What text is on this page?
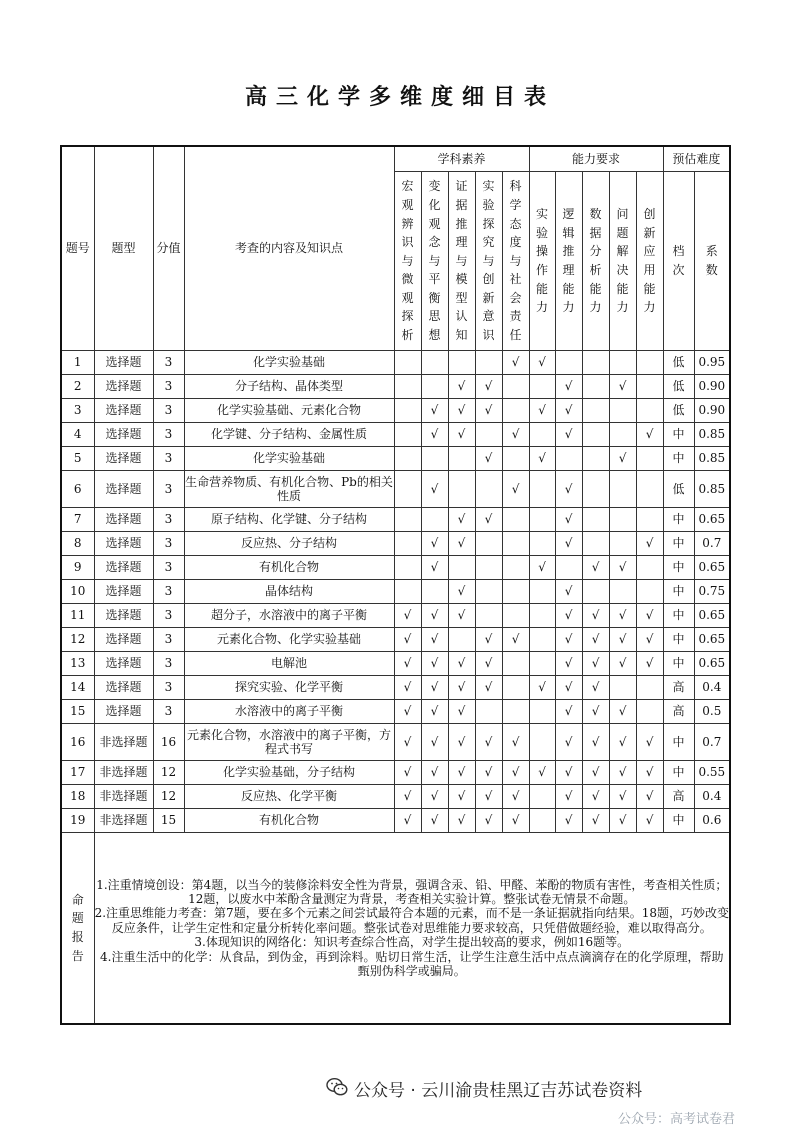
高三化学多维度细目表
题号	题型	分值	考查的内容及知识点	学科素养					能力要求					预估难度	
				宏观辨识与微观探析	变化观念与平衡思想	证据推理与模型认知	实验探究与创新意识	科学态度与社会责任	实验操作能力	逻辑推理能力	数据分析能力	问题解决能力	创新应用能力	档次	系数
1	选择题	3	化学实验基础					√	√					低	0.95
2	选择题	3	分子结构、晶体类型			√	√			√		√		低	0.90
3	选择题	3	化学实验基础、元素化合物		√	√	√		√	√				低	0.90
4	选择题	3	化学键、分子结构、金属性质		√	√		√		√			√	中	0.85
5	选择题	3	化学实验基础				√		√			√		中	0.85
6	选择题	3	生命营养物质、有机化合物、Pb的相关性质		√			√		√				低	0.85
7	选择题	3	原子结构、化学键、分子结构			√	√			√				中	0.65
8	选择题	3	反应热、分子结构		√	√				√			√	中	0.7
9	选择题	3	有机化合物		√				√		√	√		中	0.65
10	选择题	3	晶体结构			√				√				中	0.75
11	选择题	3	超分子，水溶液中的离子平衡	√	√	√				√	√	√	√	中	0.65
12	选择题	3	元素化合物、化学实验基础	√	√		√	√		√	√	√	√	中	0.65
13	选择题	3	电解池	√	√	√	√			√	√	√	√	中	0.65
14	选择题	3	探究实验、化学平衡	√	√	√	√		√	√	√			高	0.4
15	选择题	3	水溶液中的离子平衡	√	√	√				√	√	√		高	0.5
16	非选择题	16	元素化合物，水溶液中的离子平衡，方程式书写	√	√	√	√	√		√	√	√	√	中	0.7
17	非选择题	12	化学实验基础，分子结构	√	√	√	√	√	√	√	√	√	√	中	0.55
18	非选择题	12	反应热、化学平衡	√	√	√	√	√		√	√	√	√	高	0.4
19	非选择题	15	有机化合物	√	√	√	√	√		√	√	√	√	中	0.6
命题报告	1.注重情境创设：第4题，以当今的装修涂料安全性为背景，强调含汞、铅、甲醛、苯酚的物质有害性，考查相关性质；12题，以废水中苯酚含量测定为背景，考查相关实验计算。整张试卷无情景不命题。

2.注重思维能力考查：第7题，要在多个元素之间尝试最符合本题的元素，而不是一条证据就指向结果。18题，巧妙改变反应条件，让学生定性和定量分析转化率问题。整张试卷对思维能力要求较高，只凭借做题经验，难以取得高分。

3.体现知识的网络化：知识考查综合性高，对学生提出较高的要求，例如16题等。

4.注重生活中的化学：从食品，到伪金，再到涂料。贴切日常生活，让学生注意生活中点点滴滴存在的化学原理，帮助甄别伪科学或骗局。														

公众号 · 云川渝贵桂黑辽吉苏试卷资料
公众号：高考试卷君
